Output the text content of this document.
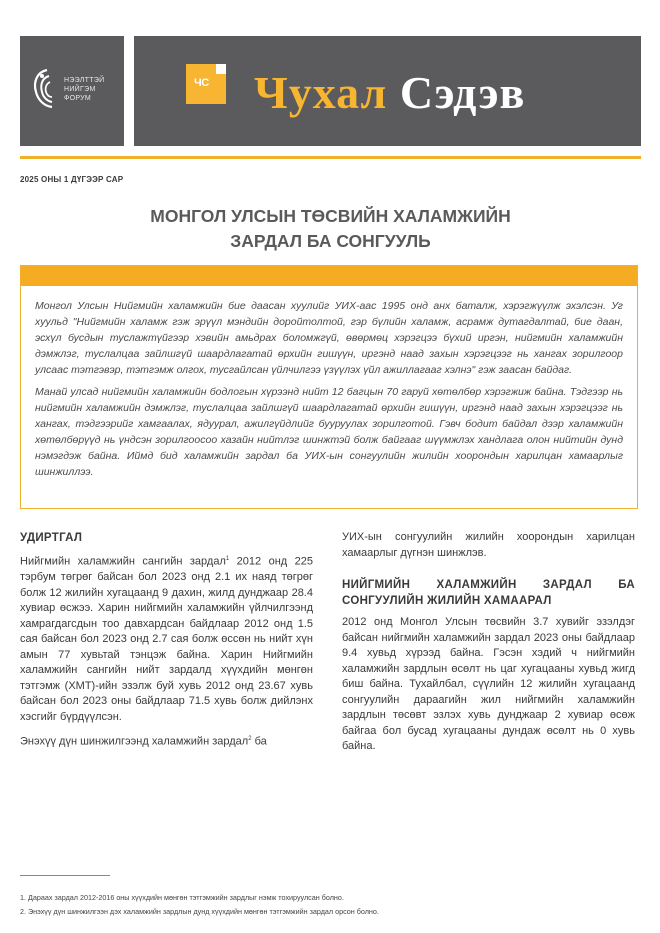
НЭЭЛТТЭЙ
НИЙГЭМ
ФОРУМ
ЧС Чухал Сэдэв
2025 ОНЫ 1 ДҮГЭЭР САР
МОНГОЛ УЛСЫН ТӨСВИЙН ХАЛАМЖИЙН
ЗАРДАЛ БА СОНГУУЛЬ

Монгол Улсын Нийгмийн халамжийн бие даасан хуулийг УИХ-аас 1995 онд анх баталж, хэрэгжүүлж эхэлсэн. Уг хуульд "Нийгмийн халамж гэж эрүүл мэндийн доройтолтой, гэр бүлийн халамж, асрамж дутагдалтай, бие даан, эсхүл бусдын туслажтүйгээр хэвийн амьдрах боломжгүй, өвөрмөц хэрэгцээ бүхий иргэн, нийгмийн халамжийн дэмжлэг, туслалцаа зайлшгүй шаардлагатай өрхийн гишүүн, иргэнд наад захын хэрэгцээг нь хангах зорилгоор улсаас тэтгэвэр, тэтгэмж олгох, тусгайлсан үйлчилгээ үзүүлэх үйл ажиллагааг хэлнэ" гэж заасан байдаг.

Манай улсад нийгмийн халамжийн бодлогын хүрээнд нийт 12 багцын 70 гаруй хөтөлбөр хэрэгжиж байна. Тэдгээр нь нийгмийн халамжийн дэмжлэг, туслалцаа зайлшгүй шаардлагатай өрхийн гишүүн, иргэнд наад захын хэрэгцээг нь хангах, тэдгээрийг хамгаалах, ядуурал, ажилгүйдлийг бууруулах зорилготой. Гэвч бодит байдал дээр халамжийн хөтөлбөрүүд нь үндсэн зорилгоосоо хазайн нийтлэг шинжтэй болж байгааг шүүмжлэх хандлага олон нийтийн дунд нэмэгдэж байна. Иймд бид халамжийн зардал ба УИХ-ын сонгуулийн жилийн хоорондын харилцан хамаарлыг шинжиллээ.

УДИРТГАЛ

Нийгмийн халамжийн сангийн зардал$^1$ 2012 онд 225 тэрбум төгрөг байсан бол 2023 онд 2.1 их наяд төгрөг болж 12 жилийн хугацаанд 9 дахин, жилд дунджаар 28.4 хувиар өсжээ. Харин нийгмийн халамжийн үйлчилгээнд хамрагдагсдын тоо давхардсан байдлаар 2012 онд 1.5 сая байсан бол 2023 онд 2.7 сая болж өссөн нь нийт хүн амын 77 хувьтай тэнцэж байна. Харин Нийгмийн халамжийн сангийн нийт зардалд хүүхдийн мөнгөн тэтгэмж (ХМТ)-ийн эзэлж буй хувь 2012 онд 23.67 хувь байсан бол 2023 оны байдлаар 71.5 хувь болж дийлэнх хэсгийг бүрдүүлсэн.

Энэхүү дүн шинжилгээнд халамжийн зардал$^2$ ба

УИХ-ын сонгуулийн жилийн хоорондын харилцан хамаарлыг дүгнэн шинжлэв.

НИЙГМИЙН ХАЛАМЖИЙН ЗАРДАЛ БА СОНГУУЛИЙН ЖИЛИЙН ХАМААРАЛ

2012 онд Монгол Улсын төсвийн 3.7 хувийг эзэлдэг байсан нийгмийн халамжийн зардал 2023 оны байдлаар 9.4 хувьд хүрээд байна. Гэсэн хэдий ч нийгмийн халамжийн зардлын өсөлт нь цаг хугацааны хувьд жигд биш байна. Тухайлбал, сүүлийн 12 жилийн хугацаанд сонгуулийн дараагийн жил нийгмийн халамжийн зардлын төсөвт эзлэх хувь дунджаар 2 хувиар өсөж байгаа бол бусад хугацааны дундаж өсөлт нь 0 хувь байна.

1. Дараах зардал 2012-2016 оны хүүхдийн мөнгөн тэтгэмжийн зардлыг нэмж тохируулсан болно.
2. Энэхүү дүн шинжилгээн дэх халамжийн зардлын дунд хүүхдийн мөнгөн тэтгэмжийн зардал орсон болно.
